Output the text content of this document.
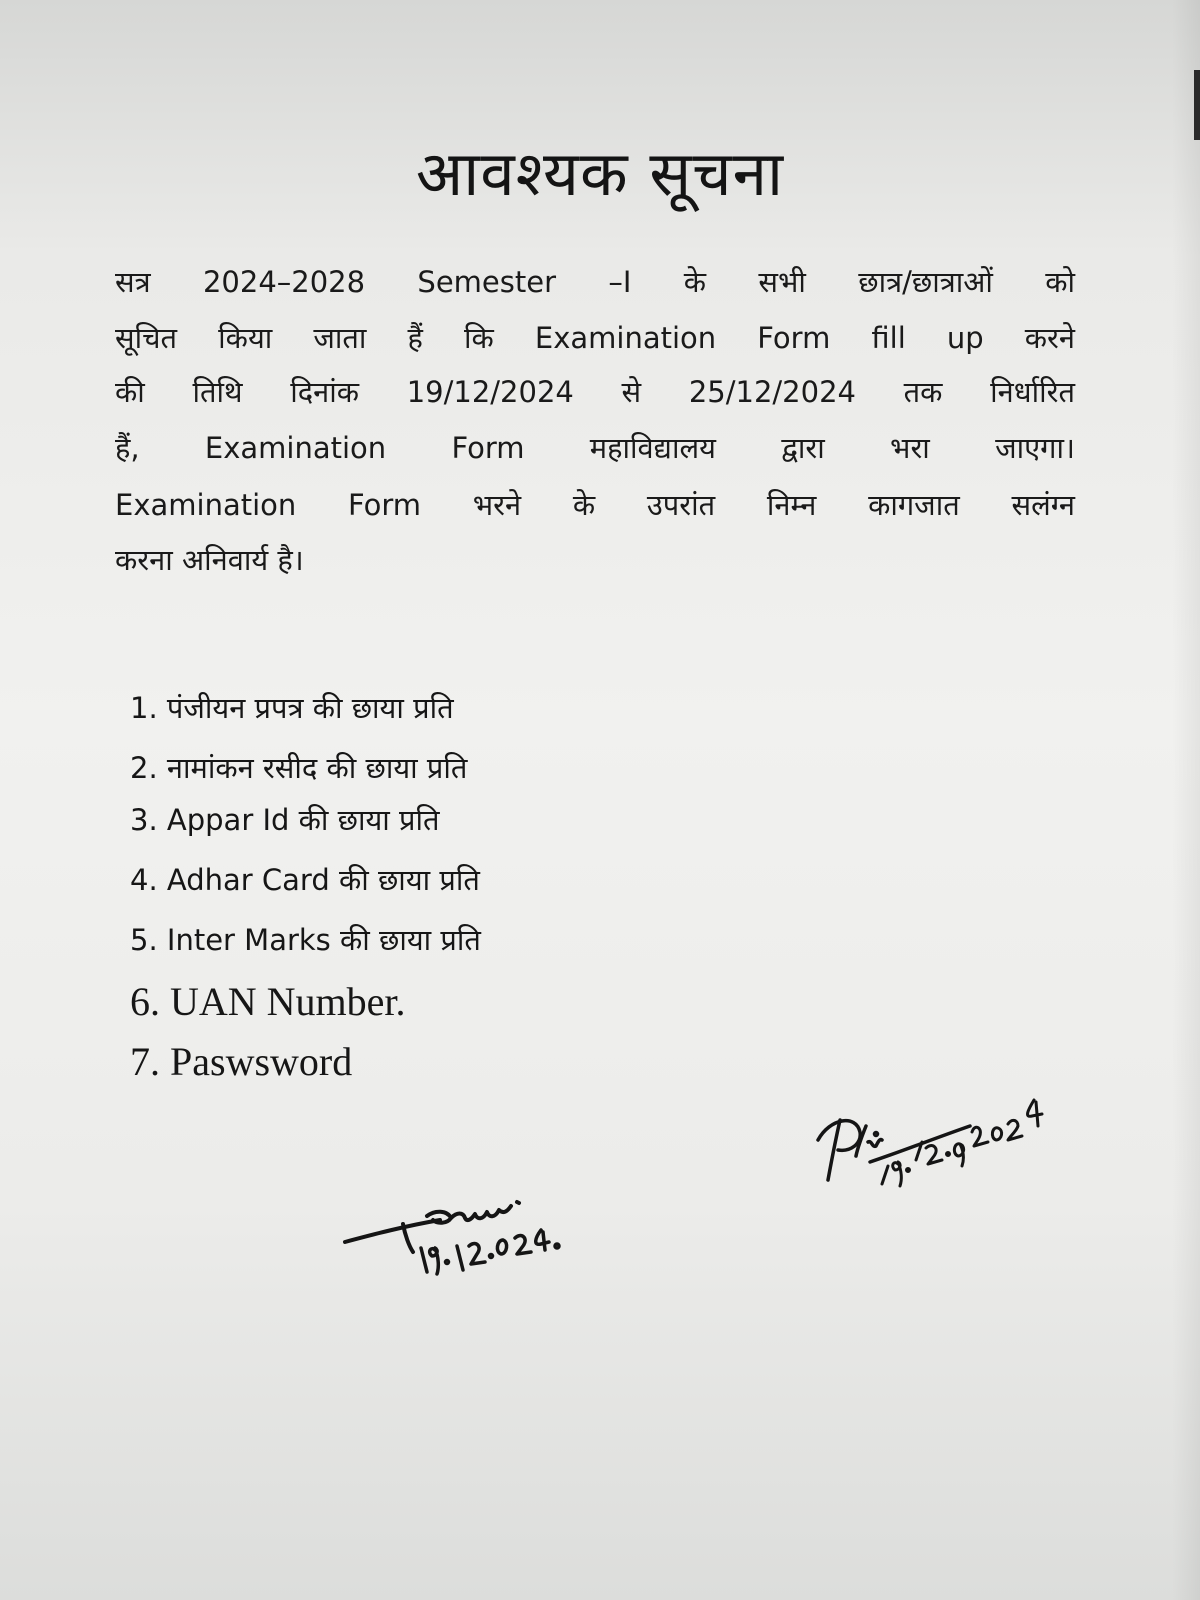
आवश्यक सूचना
सत्र 2024–2028 Semester –I के सभी छात्र/छात्राओं को
सूचित किया जाता हैं कि Examination Form fill up करने
की तिथि दिनांक 19/12/2024 से 25/12/2024 तक निर्धारित
हैं, Examination Form महाविद्यालय द्वारा भरा जाएगा।
Examination Form भरने के उपरांत निम्न कागजात सलंग्न
करना अनिवार्य है।
1. पंजीयन प्रपत्र की छाया प्रति
2. नामांकन रसीद की छाया प्रति
3. Appar Id की छाया प्रति
4. Adhar Card की छाया प्रति
5. Inter Marks की छाया प्रति
6. UAN Number.
7. Paswsword
